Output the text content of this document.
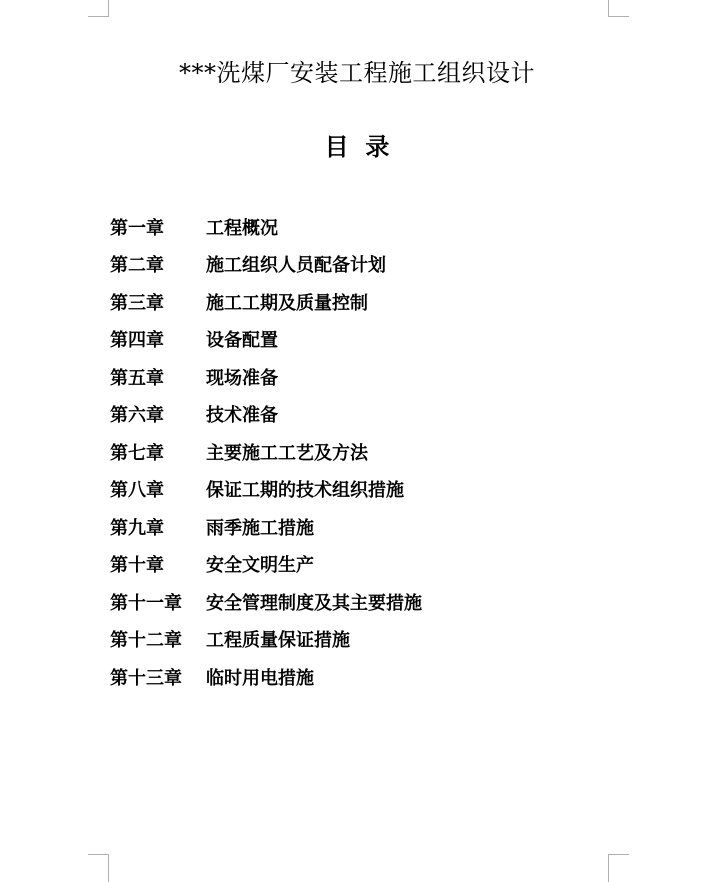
***洗煤厂安装工程施工组织设计
目  录
第一章	工程概况
第二章	施工组织人员配备计划
第三章	施工工期及质量控制
第四章	设备配置
第五章	现场准备
第六章	技术准备
第七章	主要施工工艺及方法
第八章	保证工期的技术组织措施
第九章	雨季施工措施
第十章	安全文明生产
第十一章	安全管理制度及其主要措施
第十二章	工程质量保证措施
第十三章	临时用电措施
